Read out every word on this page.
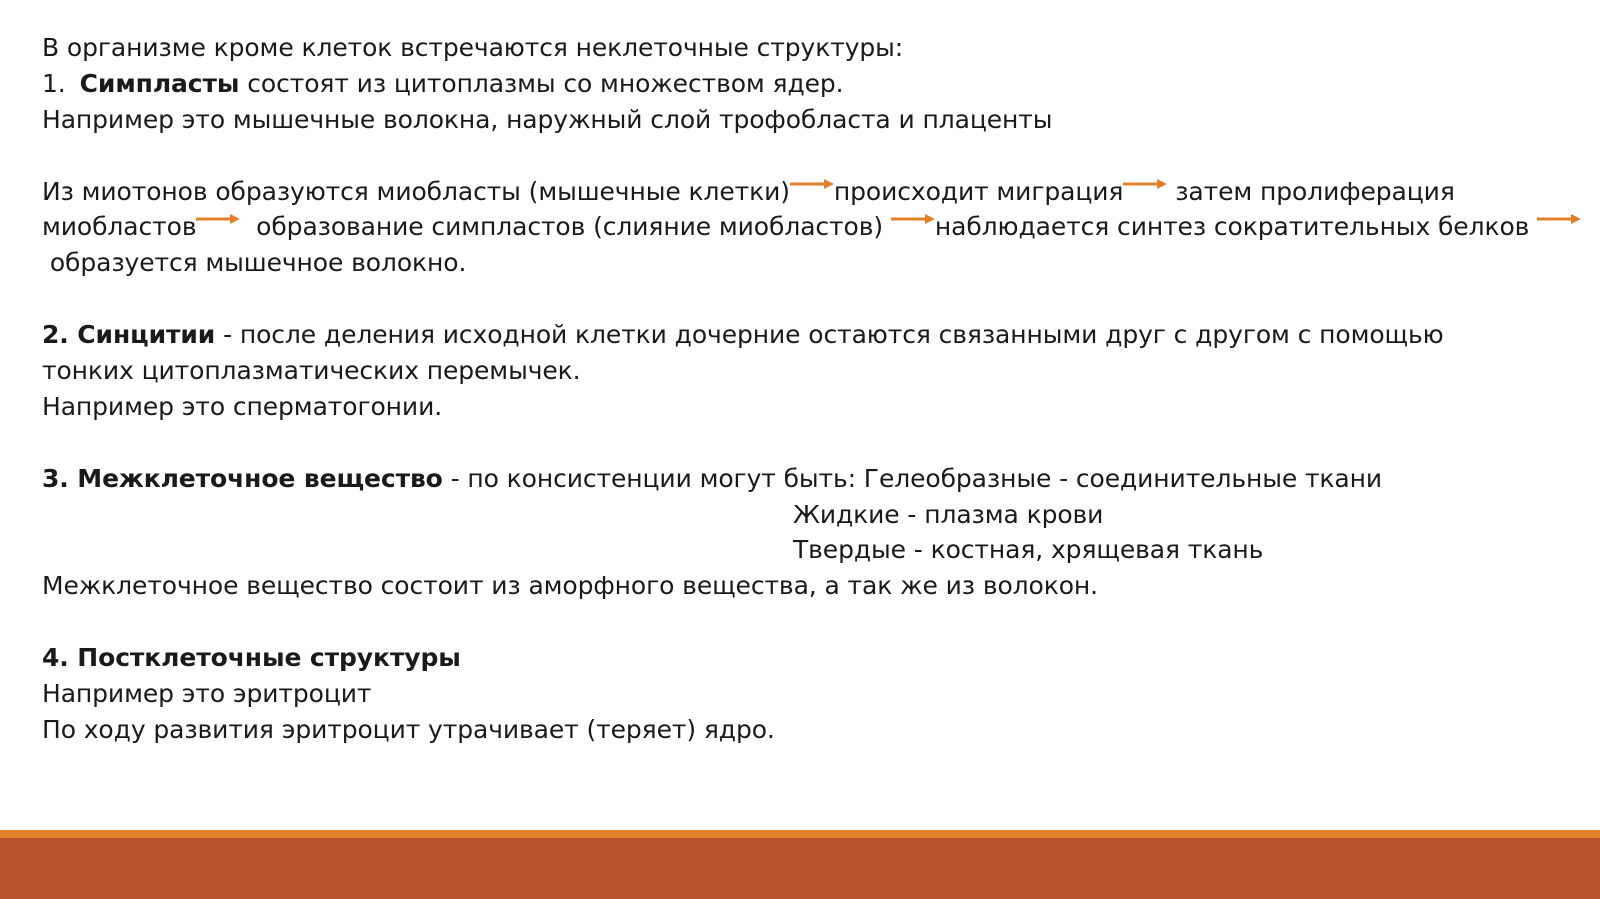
В организме кроме клеток встречаются неклеточные структуры:
1. Симпласты состоят из цитоплазмы со множеством ядер.
Например это мышечные волокна, наружный слой трофобласта и плаценты
Из миотонов образуются миобласты (мышечные клетки) происходит миграция
затем пролиферация
миобластов
образование симпластов (слияние миобластов)
наблюдается синтез сократительных белков
образуется мышечное волокно.
2. Синцитии - после деления исходной клетки дочерние остаются связанными друг с другом с помощью
тонких цитоплазматических перемычек.
Например это сперматогонии.
3. Межклеточное вещество - по консистенции могут быть: Гелеобразные - соединительные ткани
Жидкие - плазма крови
Твердые - костная, хрящевая ткань
Межклеточное вещество состоит из аморфного вещества, а так же из волокон.
4. Постклеточные структуры
Например это эритроцит
По ходу развития эритроцит утрачивает (теряет) ядро.
